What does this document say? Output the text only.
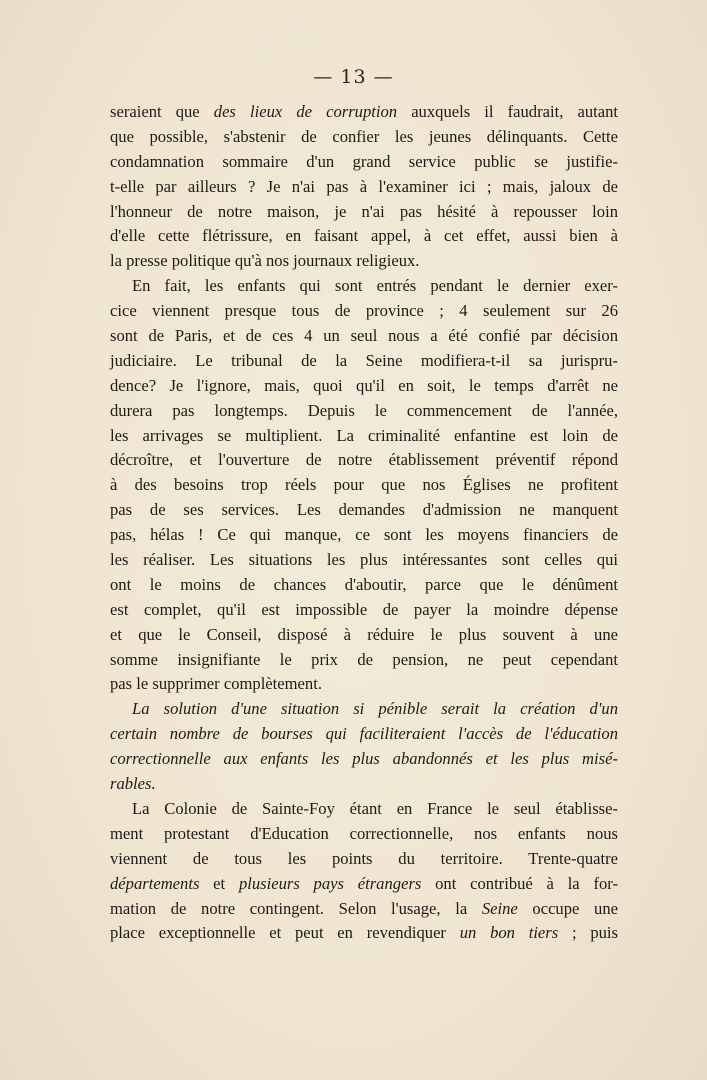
— 13 —
seraient que des lieux de corruption auxquels il faudrait, autant
que possible, s'abstenir de confier les jeunes délinquants. Cette
condamnation sommaire d'un grand service public se justifie-
t-elle par ailleurs ? Je n'ai pas à l'examiner ici ; mais, jaloux de
l'honneur de notre maison, je n'ai pas hésité à repousser loin
d'elle cette flétrissure, en faisant appel, à cet effet, aussi bien à
la presse politique qu'à nos journaux religieux.
En fait, les enfants qui sont entrés pendant le dernier exer-
cice viennent presque tous de province ; 4 seulement sur 26
sont de Paris, et de ces 4 un seul nous a été confié par décision
judiciaire. Le tribunal de la Seine modifiera-t-il sa jurispru-
dence? Je l'ignore, mais, quoi qu'il en soit, le temps d'arrêt ne
durera pas longtemps. Depuis le commencement de l'année,
les arrivages se multiplient. La criminalité enfantine est loin de
décroître, et l'ouverture de notre établissement préventif répond
à des besoins trop réels pour que nos Églises ne profitent
pas de ses services. Les demandes d'admission ne manquent
pas, hélas ! Ce qui manque, ce sont les moyens financiers de
les réaliser. Les situations les plus intéressantes sont celles qui
ont le moins de chances d'aboutir, parce que le dénûment
est complet, qu'il est impossible de payer la moindre dépense
et que le Conseil, disposé à réduire le plus souvent à une
somme insignifiante le prix de pension, ne peut cependant
pas le supprimer complètement.
La solution d'une situation si pénible serait la création d'un
certain nombre de bourses qui faciliteraient l'accès de l'éducation
correctionnelle aux enfants les plus abandonnés et les plus misé-
rables.
La Colonie de Sainte-Foy étant en France le seul établisse-
ment protestant d'Education correctionnelle, nos enfants nous
viennent de tous les points du territoire. Trente-quatre
départements et plusieurs pays étrangers ont contribué à la for-
mation de notre contingent. Selon l'usage, la Seine occupe une
place exceptionnelle et peut en revendiquer un bon tiers ; puis
